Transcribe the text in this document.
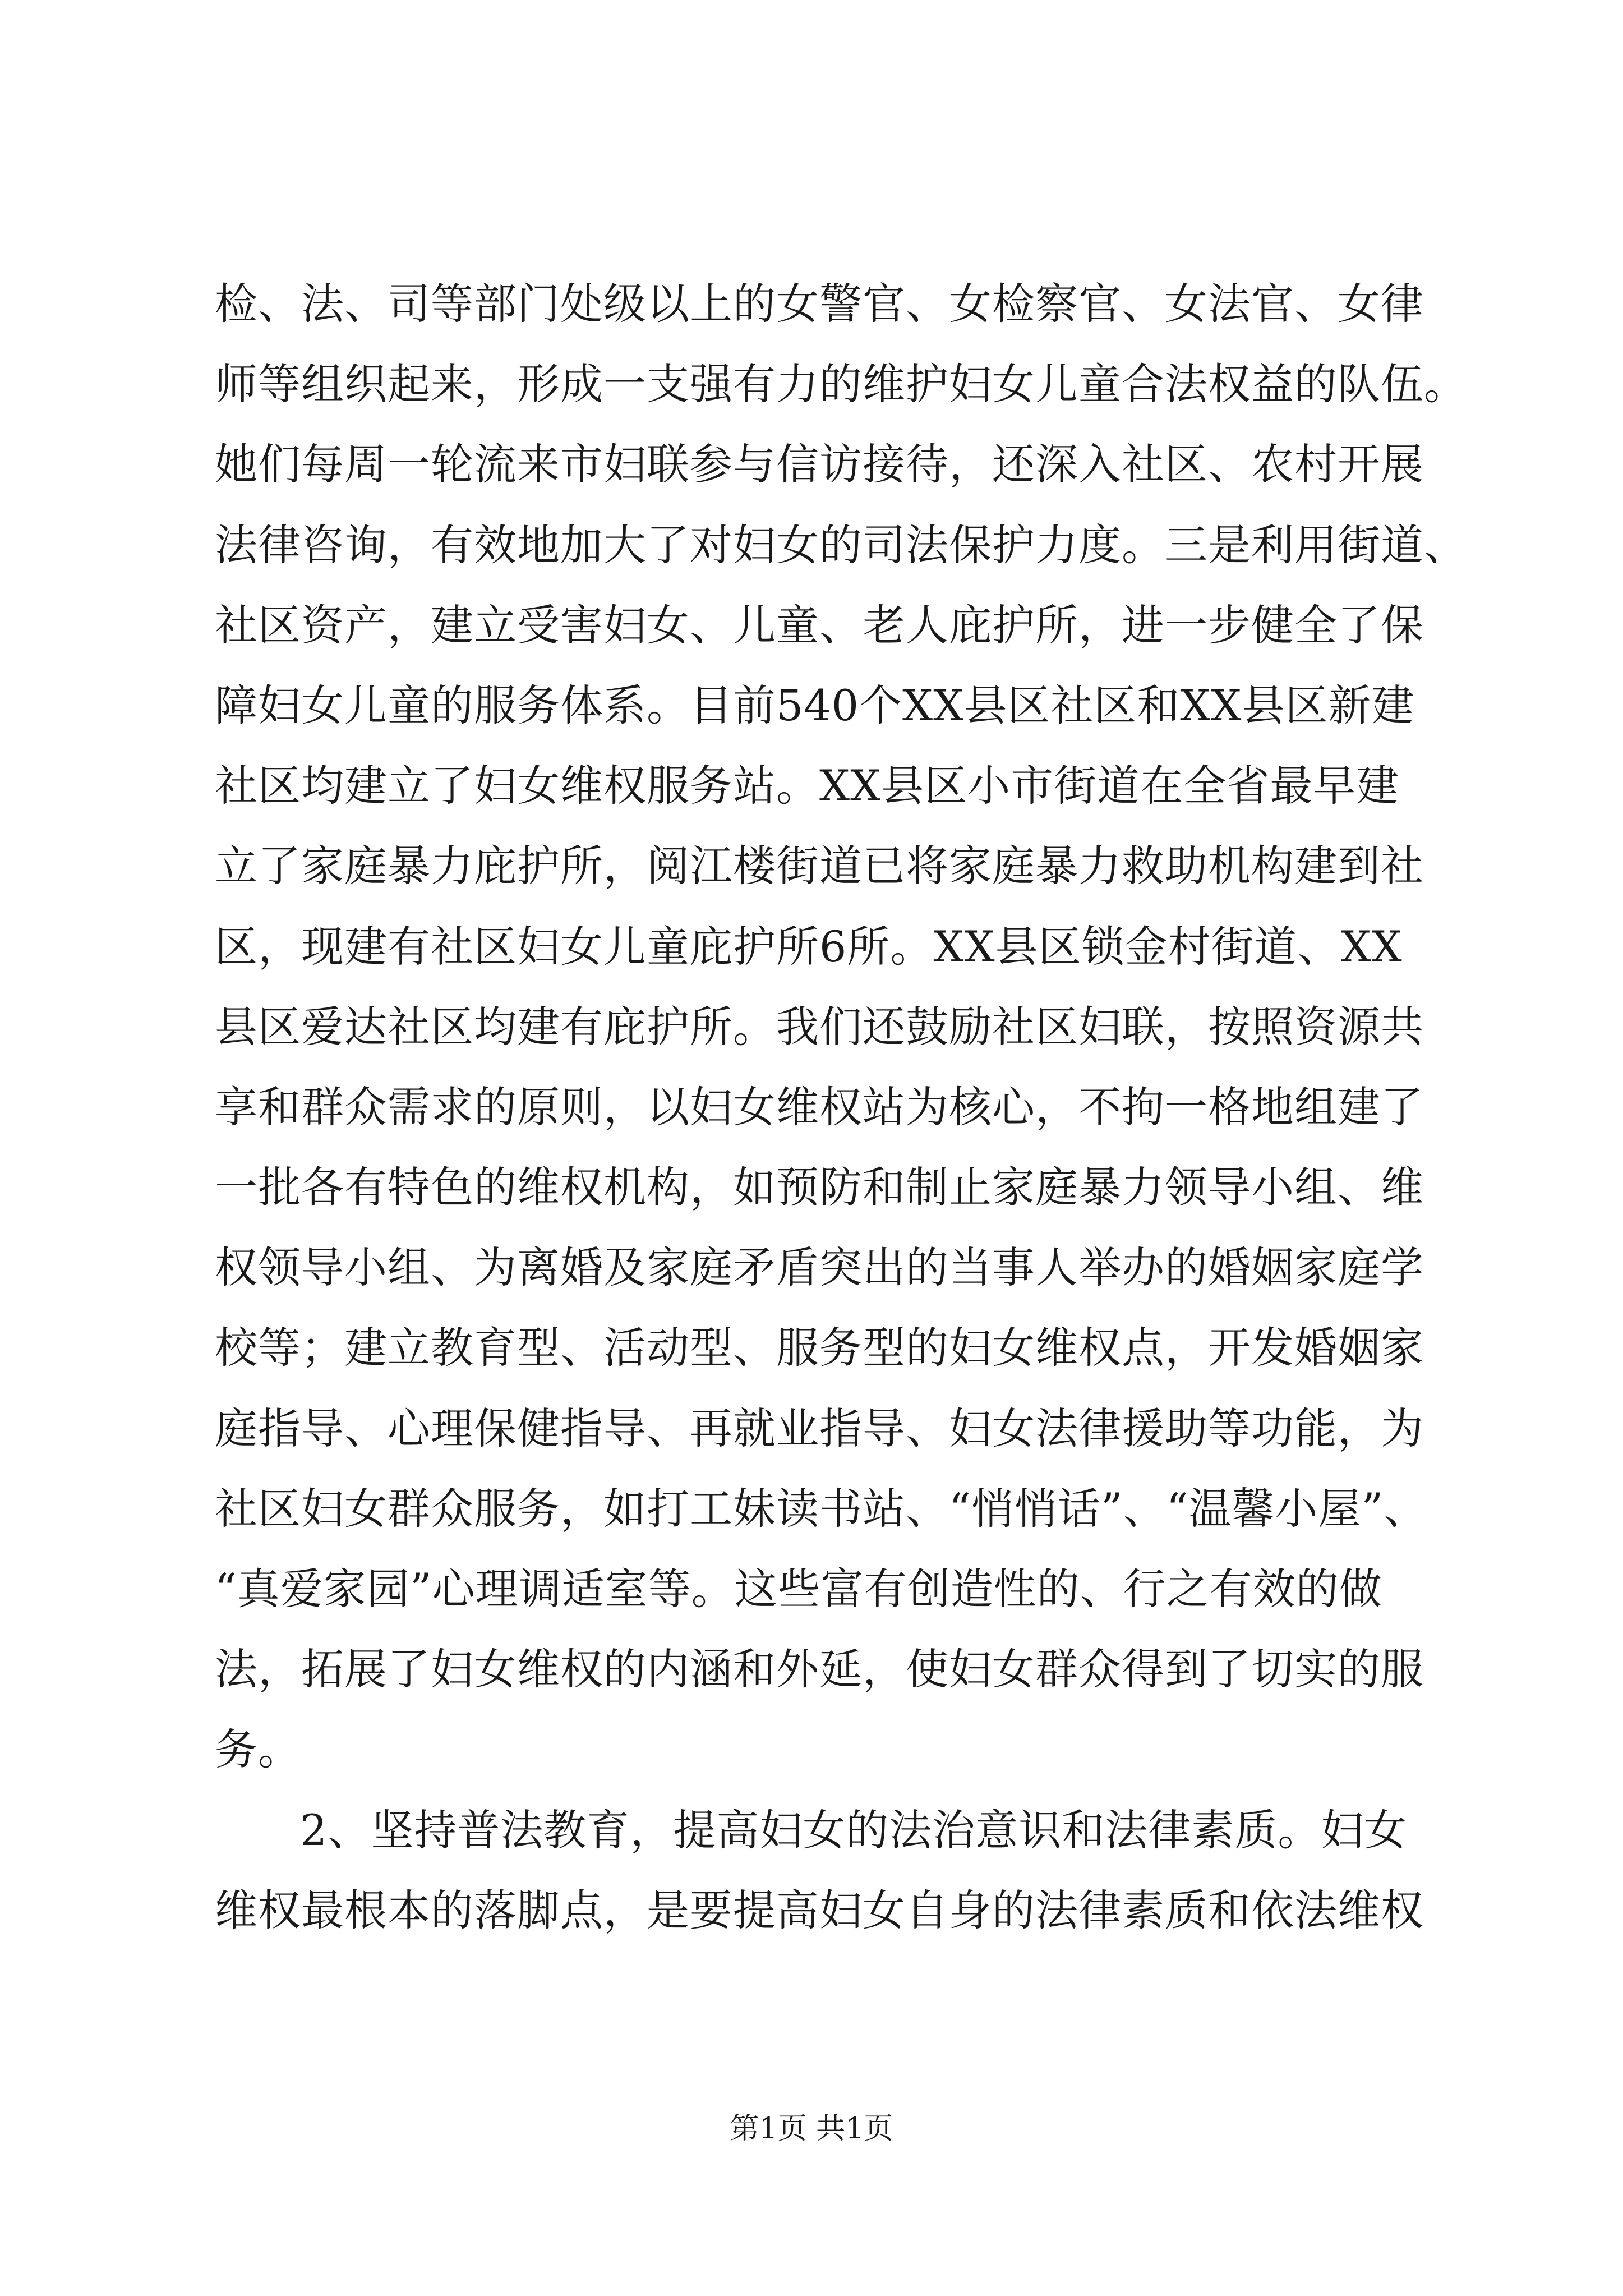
检、法、司等部门处级以上的女警官、女检察官、女法官、女律
师等组织起来，形成一支强有力的维护妇女儿童合法权益的队伍。
她们每周一轮流来市妇联参与信访接待，还深入社区、农村开展
法律咨询，有效地加大了对妇女的司法保护力度。三是利用街道、
社区资产，建立受害妇女、儿童、老人庇护所，进一步健全了保
障妇女儿童的服务体系。目前540个XX县区社区和XX县区新建
社区均建立了妇女维权服务站。XX县区小市街道在全省最早建
立了家庭暴力庇护所，阅江楼街道已将家庭暴力救助机构建到社
区，现建有社区妇女儿童庇护所6所。XX县区锁金村街道、XX
县区爱达社区均建有庇护所。我们还鼓励社区妇联，按照资源共
享和群众需求的原则，以妇女维权站为核心，不拘一格地组建了
一批各有特色的维权机构，如预防和制止家庭暴力领导小组、维
权领导小组、为离婚及家庭矛盾突出的当事人举办的婚姻家庭学
校等；建立教育型、活动型、服务型的妇女维权点，开发婚姻家
庭指导、心理保健指导、再就业指导、妇女法律援助等功能，为
社区妇女群众服务，如打工妹读书站、“悄悄话”、“温馨小屋”、
“真爱家园”心理调适室等。这些富有创造性的、行之有效的做
法，拓展了妇女维权的内涵和外延，使妇女群众得到了切实的服
务。
2、坚持普法教育，提高妇女的法治意识和法律素质。妇女
维权最根本的落脚点，是要提高妇女自身的法律素质和依法维权
第1页 共1页
